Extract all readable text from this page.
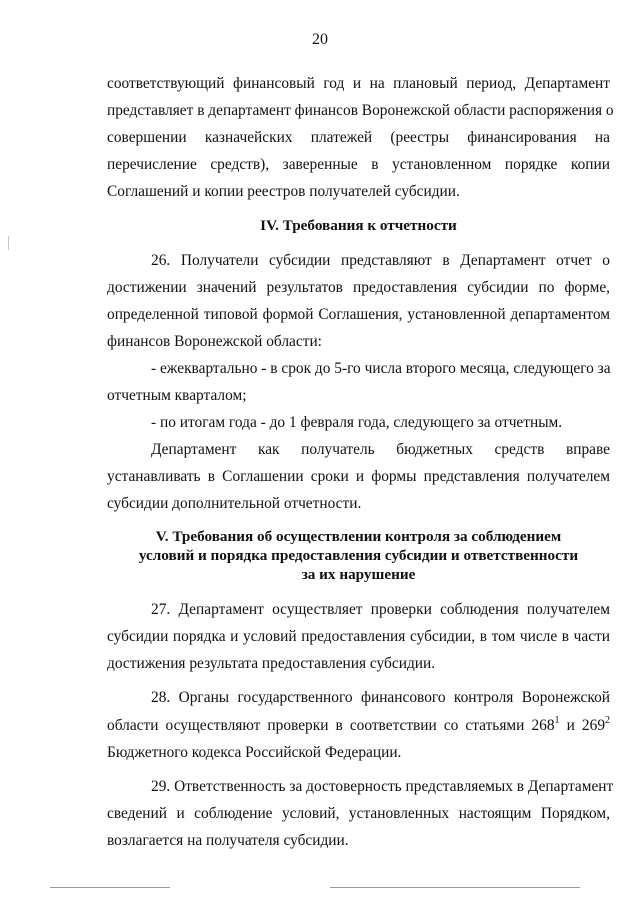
20
соответствующий финансовый год и на плановый период, Департамент
представляет в департамент финансов Воронежской области распоряжения о
совершении казначейских платежей (реестры финансирования на
перечисление средств), заверенные в установленном порядке копии
Соглашений и копии реестров получателей субсидии.
IV. Требования к отчетности
26. Получатели субсидии представляют в Департамент отчет о
достижении значений результатов предоставления субсидии по форме,
определенной типовой формой Соглашения, установленной департаментом
финансов Воронежской области:
- ежеквартально - в срок до 5-го числа второго месяца, следующего за
отчетным кварталом;
- по итогам года - до 1 февраля года, следующего за отчетным.
Департамент как получатель бюджетных средств вправе
устанавливать в Соглашении сроки и формы представления получателем
субсидии дополнительной отчетности.
V. Требования об осуществлении контроля за соблюдением
условий и порядка предоставления субсидии и ответственности
за их нарушение
27. Департамент осуществляет проверки соблюдения получателем
субсидии порядка и условий предоставления субсидии, в том числе в части
достижения результата предоставления субсидии.
28. Органы государственного финансового контроля Воронежской
области осуществляют проверки в соответствии со статьями $268^1$ и $269^2$
Бюджетного кодекса Российской Федерации.
29. Ответственность за достоверность представляемых в Департамент
сведений и соблюдение условий, установленных настоящим Порядком,
возлагается на получателя субсидии.
